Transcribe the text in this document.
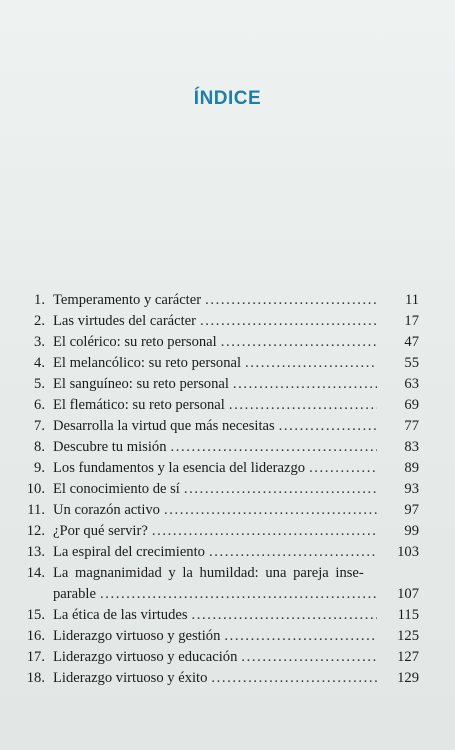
ÍNDICE
1. Temperamento y carácter .....	11
2. Las virtudes del carácter .....	17
3. El colérico: su reto personal .....	47
4. El melancólico: su reto personal .....	55
5. El sanguíneo: su reto personal .....	63
6. El flemático: su reto personal .....	69
7. Desarrolla la virtud que más necesitas .....	77
8. Descubre tu misión .....	83
9. Los fundamentos y la esencia del liderazgo .....	89
10. El conocimiento de sí .....	93
11. Un corazón activo .....	97
12. ¿Por qué servir? .....	99
13. La espiral del crecimiento .....	103
14. La magnanimidad y la humildad: una pareja inse-
parable .....	107
15. La ética de las virtudes .....	115
16. Liderazgo virtuoso y gestión .....	125
17. Liderazgo virtuoso y educación .....	127
18. Liderazgo virtuoso y éxito .....	129
